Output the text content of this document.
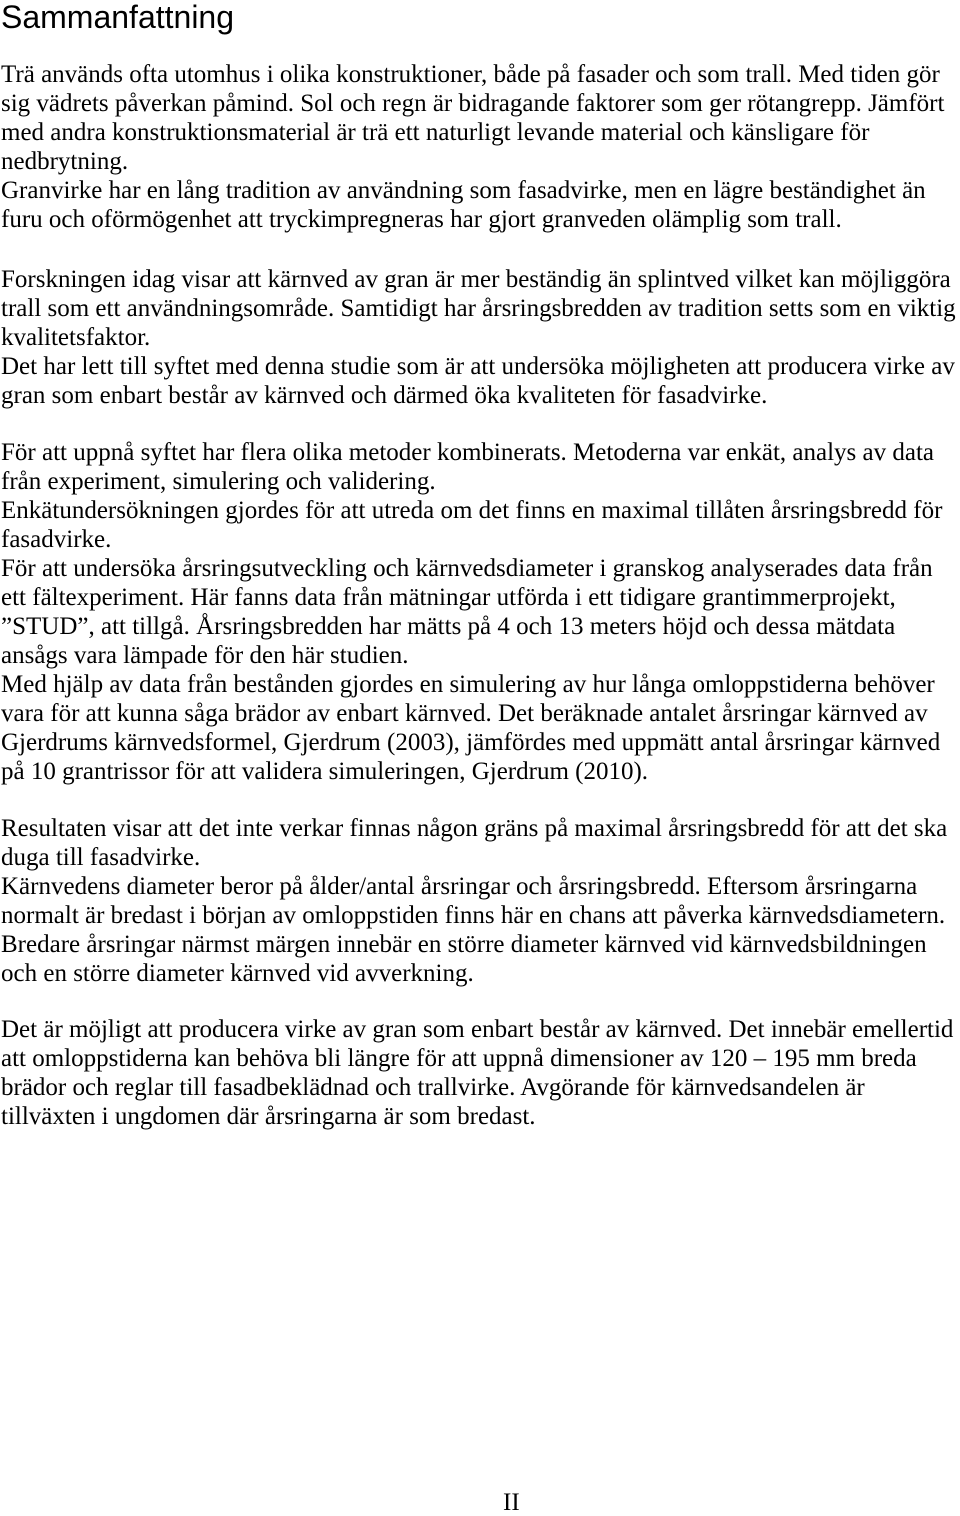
Sammanfattning
Trä används ofta utomhus i olika konstruktioner, både på fasader och som trall. Med tiden gör
sig vädrets påverkan påmind. Sol och regn är bidragande faktorer som ger rötangrepp. Jämfört
med andra konstruktionsmaterial är trä ett naturligt levande material och känsligare för
nedbrytning.
Granvirke har en lång tradition av användning som fasadvirke, men en lägre beständighet än
furu och oförmögenhet att tryckimpregneras har gjort granveden olämplig som trall.
Forskningen idag visar att kärnved av gran är mer beständig än splintved vilket kan möjliggöra
trall som ett användningsområde. Samtidigt har årsringsbredden av tradition setts som en viktig
kvalitetsfaktor.
Det har lett till syftet med denna studie som är att undersöka möjligheten att producera virke av
gran som enbart består av kärnved och därmed öka kvaliteten för fasadvirke.
För att uppnå syftet har flera olika metoder kombinerats. Metoderna var enkät, analys av data
från experiment, simulering och validering.
Enkätundersökningen gjordes för att utreda om det finns en maximal tillåten årsringsbredd för
fasadvirke.
För att undersöka årsringsutveckling och kärnvedsdiameter i granskog analyserades data från
ett fältexperiment. Här fanns data från mätningar utförda i ett tidigare grantimmerprojekt,
”STUD”, att tillgå. Årsringsbredden har mätts på 4 och 13 meters höjd och dessa mätdata
ansågs vara lämpade för den här studien.
Med hjälp av data från bestånden gjordes en simulering av hur långa omloppstiderna behöver
vara för att kunna såga brädor av enbart kärnved. Det beräknade antalet årsringar kärnved av
Gjerdrums kärnvedsformel, Gjerdrum (2003), jämfördes med uppmätt antal årsringar kärnved
på 10 grantrissor för att validera simuleringen, Gjerdrum (2010).
Resultaten visar att det inte verkar finnas någon gräns på maximal årsringsbredd för att det ska
duga till fasadvirke.
Kärnvedens diameter beror på ålder/antal årsringar och årsringsbredd. Eftersom årsringarna
normalt är bredast i början av omloppstiden finns här en chans att påverka kärnvedsdiametern.
Bredare årsringar närmst märgen innebär en större diameter kärnved vid kärnvedsbildningen
och en större diameter kärnved vid avverkning.
Det är möjligt att producera virke av gran som enbart består av kärnved. Det innebär emellertid
att omloppstiderna kan behöva bli längre för att uppnå dimensioner av 120 – 195 mm breda
brädor och reglar till fasadbeklädnad och trallvirke. Avgörande för kärnvedsandelen är
tillväxten i ungdomen där årsringarna är som bredast.
II
